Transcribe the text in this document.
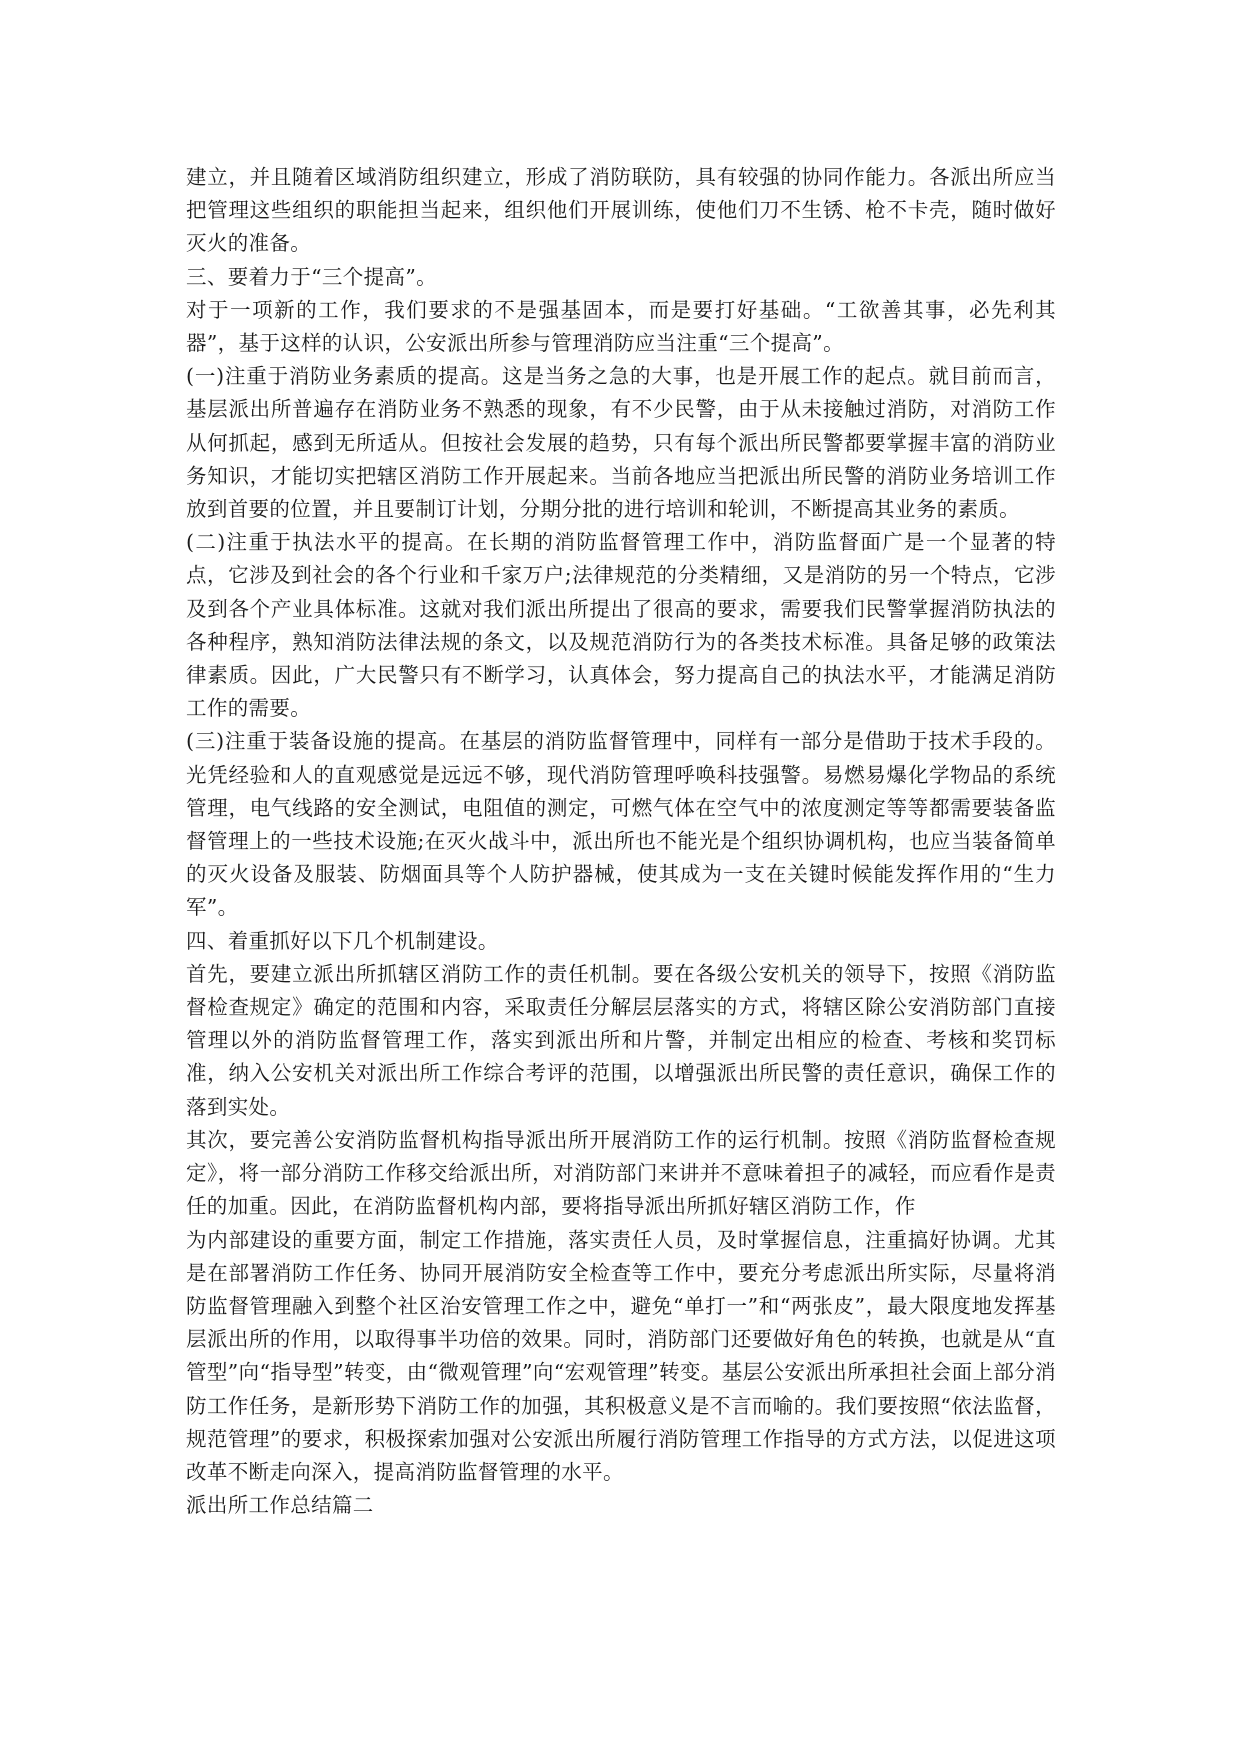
建立，并且随着区域消防组织建立，形成了消防联防，具有较强的协同作能力。各派出所应当把管理这些组织的职能担当起来，组织他们开展训练，使他们刀不生锈、枪不卡壳，随时做好灭火的准备。

三、要着力于“三个提高”。

对于一项新的工作，我们要求的不是强基固本，而是要打好基础。“工欲善其事，必先利其器”，基于这样的认识，公安派出所参与管理消防应当注重“三个提高”。

(一)注重于消防业务素质的提高。这是当务之急的大事，也是开展工作的起点。就目前而言，基层派出所普遍存在消防业务不熟悉的现象，有不少民警，由于从未接触过消防，对消防工作从何抓起，感到无所适从。但按社会发展的趋势，只有每个派出所民警都要掌握丰富的消防业务知识，才能切实把辖区消防工作开展起来。当前各地应当把派出所民警的消防业务培训工作放到首要的位置，并且要制订计划，分期分批的进行培训和轮训，不断提高其业务的素质。

(二)注重于执法水平的提高。在长期的消防监督管理工作中，消防监督面广是一个显著的特点，它涉及到社会的各个行业和千家万户;法律规范的分类精细，又是消防的另一个特点，它涉及到各个产业具体标准。这就对我们派出所提出了很高的要求，需要我们民警掌握消防执法的各种程序，熟知消防法律法规的条文，以及规范消防行为的各类技术标准。具备足够的政策法律素质。因此，广大民警只有不断学习，认真体会，努力提高自己的执法水平，才能满足消防工作的需要。

(三)注重于装备设施的提高。在基层的消防监督管理中，同样有一部分是借助于技术手段的。光凭经验和人的直观感觉是远远不够，现代消防管理呼唤科技强警。易燃易爆化学物品的系统管理，电气线路的安全测试，电阻值的测定，可燃气体在空气中的浓度测定等等都需要装备监督管理上的一些技术设施;在灭火战斗中，派出所也不能光是个组织协调机构，也应当装备简单的灭火设备及服装、防烟面具等个人防护器械，使其成为一支在关键时候能发挥作用的“生力军”。

四、着重抓好以下几个机制建设。

首先，要建立派出所抓辖区消防工作的责任机制。要在各级公安机关的领导下，按照《消防监督检查规定》确定的范围和内容，采取责任分解层层落实的方式，将辖区除公安消防部门直接管理以外的消防监督管理工作，落实到派出所和片警，并制定出相应的检查、考核和奖罚标准，纳入公安机关对派出所工作综合考评的范围，以增强派出所民警的责任意识，确保工作的落到实处。

其次，要完善公安消防监督机构指导派出所开展消防工作的运行机制。按照《消防监督检查规定》，将一部分消防工作移交给派出所，对消防部门来讲并不意味着担子的减轻，而应看作是责任的加重。因此，在消防监督机构内部，要将指导派出所抓好辖区消防工作，作

为内部建设的重要方面，制定工作措施，落实责任人员，及时掌握信息，注重搞好协调。尤其是在部署消防工作任务、协同开展消防安全检查等工作中，要充分考虑派出所实际，尽量将消防监督管理融入到整个社区治安管理工作之中，避免“单打一”和“两张皮”，最大限度地发挥基层派出所的作用，以取得事半功倍的效果。同时，消防部门还要做好角色的转换，也就是从“直管型”向“指导型”转变，由“微观管理”向“宏观管理”转变。基层公安派出所承担社会面上部分消防工作任务，是新形势下消防工作的加强，其积极意义是不言而喻的。我们要按照“依法监督，规范管理”的要求，积极探索加强对公安派出所履行消防管理工作指导的方式方法，以促进这项改革不断走向深入，提高消防监督管理的水平。

派出所工作总结篇二
